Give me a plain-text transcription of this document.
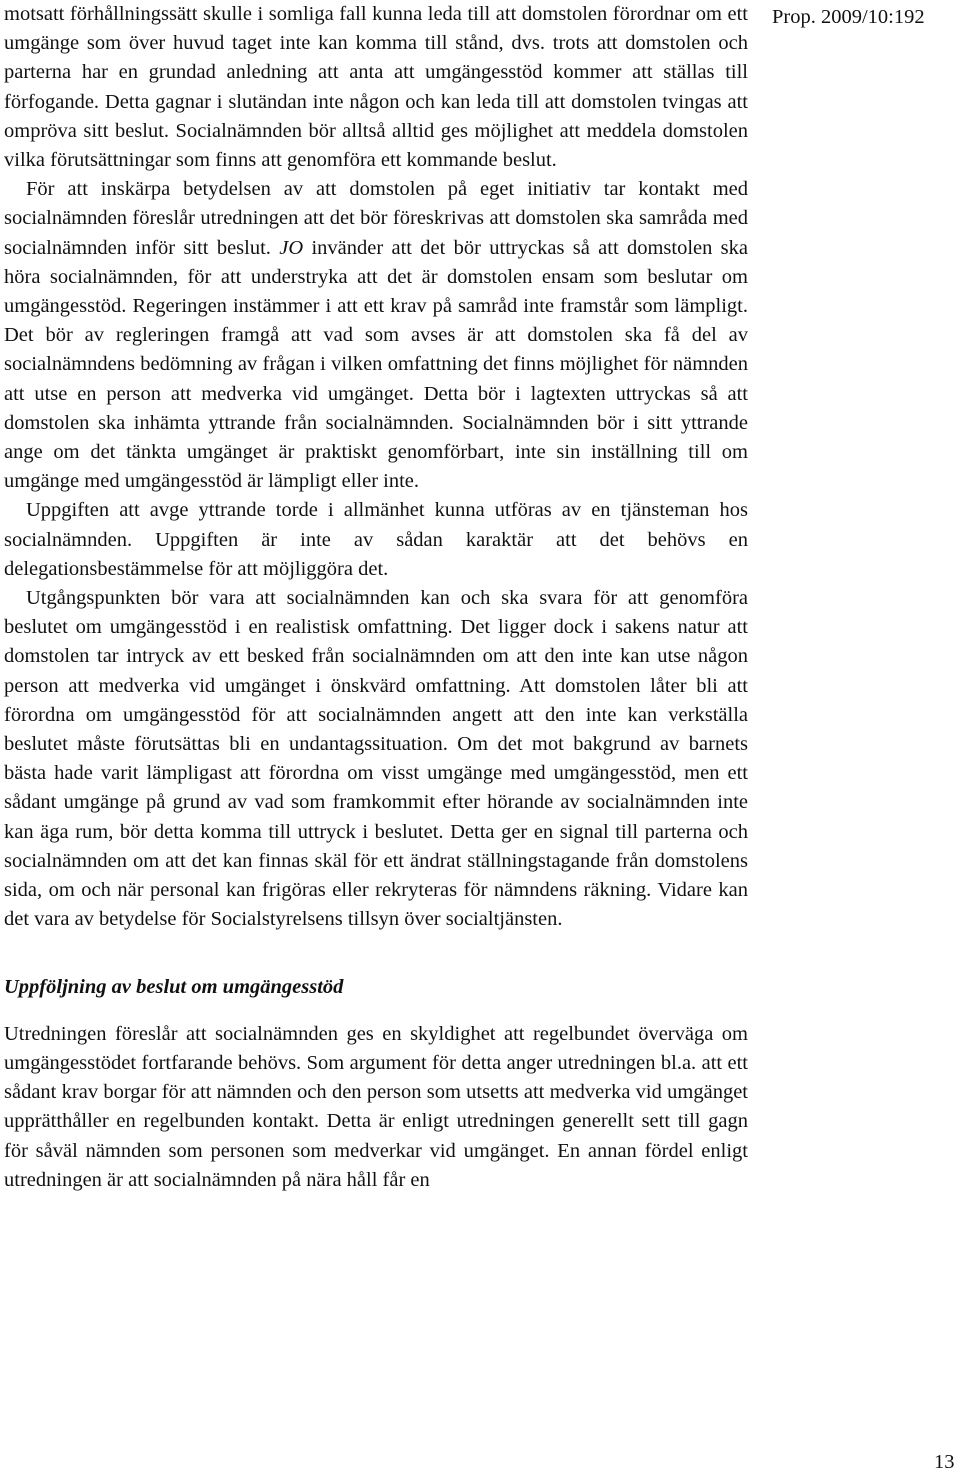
Prop. 2009/10:192

motsatt förhållningssätt skulle i somliga fall kunna leda till att domstolen förordnar om ett umgänge som över huvud taget inte kan komma till stånd, dvs. trots att domstolen och parterna har en grundad anledning att anta att umgängesstöd kommer att ställas till förfogande. Detta gagnar i slutändan inte någon och kan leda till att domstolen tvingas att ompröva sitt beslut. Socialnämnden bör alltså alltid ges möjlighet att meddela domstolen vilka förutsättningar som finns att genomföra ett kommande beslut.

För att inskärpa betydelsen av att domstolen på eget initiativ tar kontakt med socialnämnden föreslår utredningen att det bör föreskrivas att domstolen ska samråda med socialnämnden inför sitt beslut. JO invänder att det bör uttryckas så att domstolen ska höra socialnämnden, för att understryka att det är domstolen ensam som beslutar om umgängesstöd. Regeringen instämmer i att ett krav på samråd inte framstår som lämpligt. Det bör av regleringen framgå att vad som avses är att domstolen ska få del av socialnämndens bedömning av frågan i vilken omfattning det finns möjlighet för nämnden att utse en person att medverka vid umgänget. Detta bör i lagtexten uttryckas så att domstolen ska inhämta yttrande från socialnämnden. Socialnämnden bör i sitt yttrande ange om det tänkta umgänget är praktiskt genomförbart, inte sin inställning till om umgänge med umgängesstöd är lämpligt eller inte.

Uppgiften att avge yttrande torde i allmänhet kunna utföras av en tjänsteman hos socialnämnden. Uppgiften är inte av sådan karaktär att det behövs en delegationsbestämmelse för att möjliggöra det.

Utgångspunkten bör vara att socialnämnden kan och ska svara för att genomföra beslutet om umgängesstöd i en realistisk omfattning. Det ligger dock i sakens natur att domstolen tar intryck av ett besked från socialnämnden om att den inte kan utse någon person att medverka vid umgänget i önskvärd omfattning. Att domstolen låter bli att förordna om umgängesstöd för att socialnämnden angett att den inte kan verkställa beslutet måste förutsättas bli en undantagssituation. Om det mot bakgrund av barnets bästa hade varit lämpligast att förordna om visst umgänge med umgängesstöd, men ett sådant umgänge på grund av vad som framkommit efter hörande av socialnämnden inte kan äga rum, bör detta komma till uttryck i beslutet. Detta ger en signal till parterna och socialnämnden om att det kan finnas skäl för ett ändrat ställningstagande från domstolens sida, om och när personal kan frigöras eller rekryteras för nämndens räkning. Vidare kan det vara av betydelse för Socialstyrelsens tillsyn över socialtjänsten.

Uppföljning av beslut om umgängesstöd

Utredningen föreslår att socialnämnden ges en skyldighet att regelbundet överväga om umgängesstödet fortfarande behövs. Som argument för detta anger utredningen bl.a. att ett sådant krav borgar för att nämnden och den person som utsetts att medverka vid umgänget upprätthåller en regelbunden kontakt. Detta är enligt utredningen generellt sett till gagn för såväl nämnden som personen som medverkar vid umgänget. En annan fördel enligt utredningen är att socialnämnden på nära håll får en

13
